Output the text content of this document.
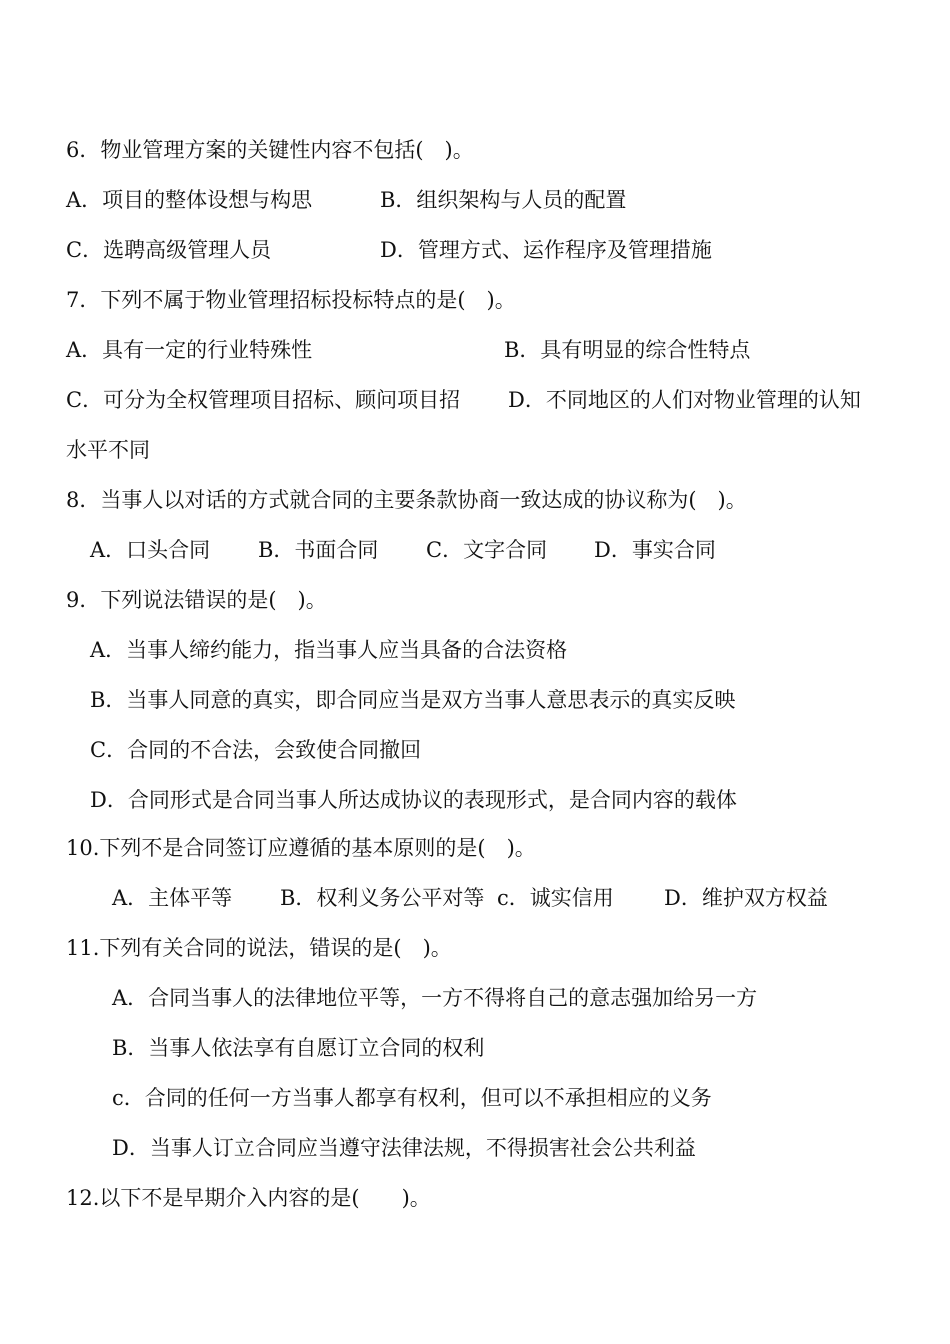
6．物业管理方案的关键性内容不包括(　)。
A．项目的整体设想与构思	B．组织架构与人员的配置
C．选聘高级管理人员	D．管理方式、运作程序及管理措施
7．下列不属于物业管理招标投标特点的是(　)。
A．具有一定的行业特殊性	B．具有明显的综合性特点
C．可分为全权管理项目招标、顾问项目招 D．不同地区的人们对物业管理的认知
水平不同
8．当事人以对话的方式就合同的主要条款协商一致达成的协议称为(　)。
A．口头合同 B．书面合同 C．文字合同 D．事实合同
9．下列说法错误的是(　)。
A．当事人缔约能力，指当事人应当具备的合法资格
B．当事人同意的真实，即合同应当是双方当事人意思表示的真实反映
C．合同的不合法，会致使合同撤回
D．合同形式是合同当事人所达成协议的表现形式，是合同内容的载体
10.下列不是合同签订应遵循的基本原则的是(　)。
A．主体平等 B．权利义务公平对等 c．诚实信用 D．维护双方权益
11.下列有关合同的说法，错误的是(　)。
A．合同当事人的法律地位平等，一方不得将自己的意志强加给另一方
B．当事人依法享有自愿订立合同的权利
c．合同的任何一方当事人都享有权利，但可以不承担相应的义务
D．当事人订立合同应当遵守法律法规，不得损害社会公共利益
12.以下不是早期介入内容的是(　　)。
